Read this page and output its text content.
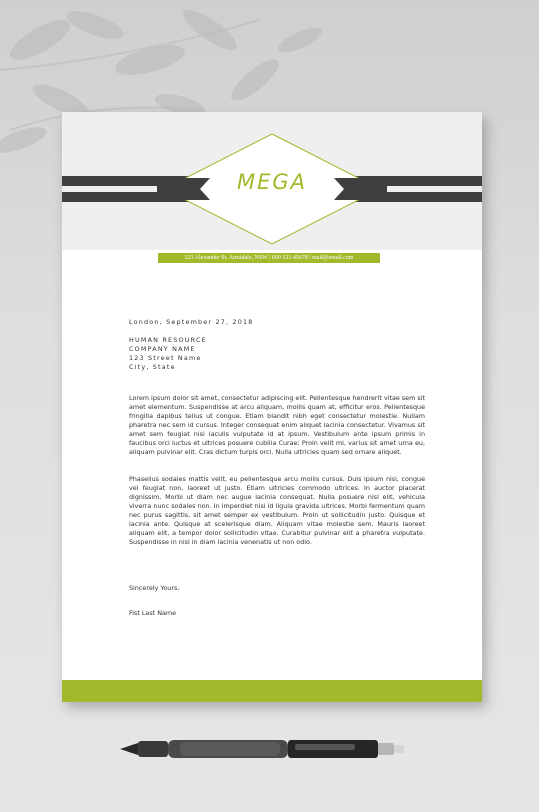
MEGA
123 Alexander St. Armidale, NSW | 000 123 45678 | mail@email.com
London, September 27, 2018
HUMAN RESOURCE
COMPANY NAME
123 Street Name
City, State
Lorem ipsum dolor sit amet, consectetur adipiscing elit. Pellentesque hendrerit vitae sem sit amet elementum. Suspendisse at arcu aliquam, mollis quam at, efficitur eros. Pellentesque fringilla dapibus tellus ut congue. Etiam blandit nibh eget consectetur molestie. Nullam pharetra nec sem id cursus. Integer consequat enim aliquet lacinia consectetur. Vivamus sit amet sem feugiat nisi iaculis vulputate id at ipsum. Vestibulum ante ipsum primis in faucibus orci luctus et ultrices posuere cubilia Curae; Proin velit mi, varius sit amet urna eu, aliquam pulvinar elit. Cras dictum turpis orci. Nulla ultricies quam sed ornare aliquet.
Phasellus sodales mattis velit, eu pellentesque arcu mollis cursus. Duis ipsum nisi, congue vel feugiat non, laoreet ut justo. Etiam ultricies commodo ultrices. In auctor placerat dignissim. Morbi ut diam nec augue lacinia consequat. Nulla posuere nisl elit, vehicula viverra nunc sodales non. In imperdiet nisi id ligula gravida ultrices. Morbi fermentum quam nec purus sagittis, sit amet semper ex vestibulum. Proin ut sollicitudin justo. Quisque et lacinia ante. Quisque at scelerisque diam. Aliquam vitae molestie sem. Mauris laoreet aliquam elit, a tempor dolor sollicitudin vitae. Curabitur pulvinar elit a pharetra vulputate. Suspendisse in nisl in diam lacinia venenatis ut non odio.
Sincerely Yours,
Fist Last Name
